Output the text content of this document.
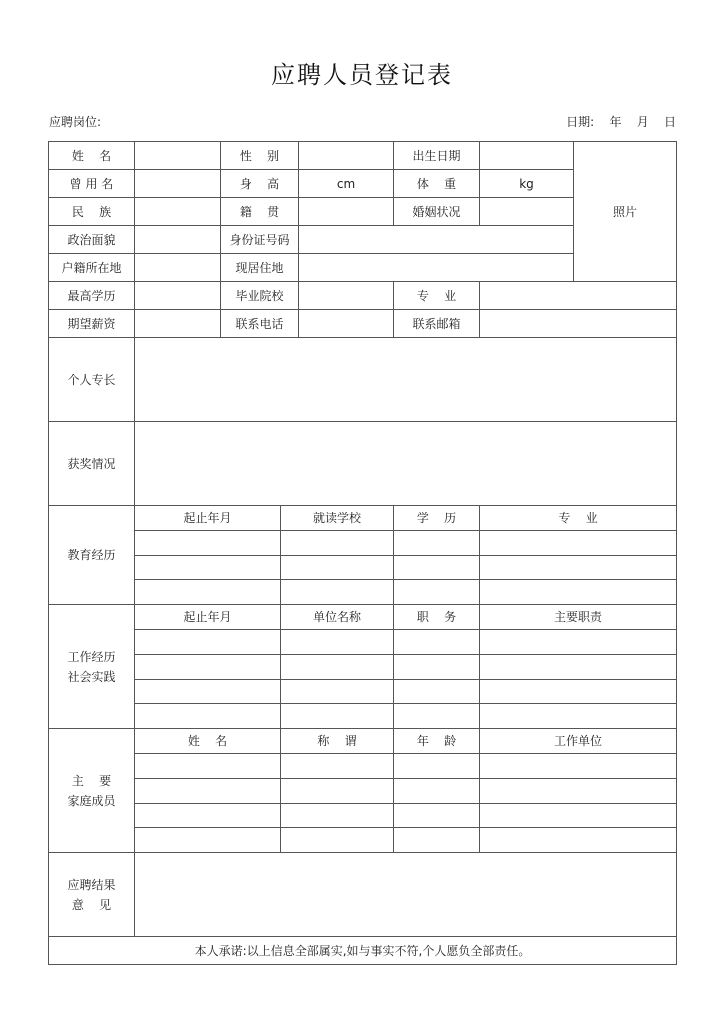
应聘人员登记表
应聘岗位:	日期:    年    月    日
姓    名		性    别			出生日期		照片
曾 用 名		身    高		cm	体    重	kg	
民    族		籍    贯			婚姻状况		
政治面貌		身份证号码					
户籍所在地		现居住地					
最高学历		毕业院校			专    业		
期望薪资		联系电话			联系邮箱		
个人专长							
获奖情况							
教育经历	起止年月		就读学校		学    历	专    业	

工作经历
社会实践	起止年月		单位名称		职    务	主要职责	

主    要
家庭成员	姓    名		称    谓		年    龄	工作单位	

应聘结果
意    见							
本人承诺:以上信息全部属实,如与事实不符,个人愿负全部责任。							
